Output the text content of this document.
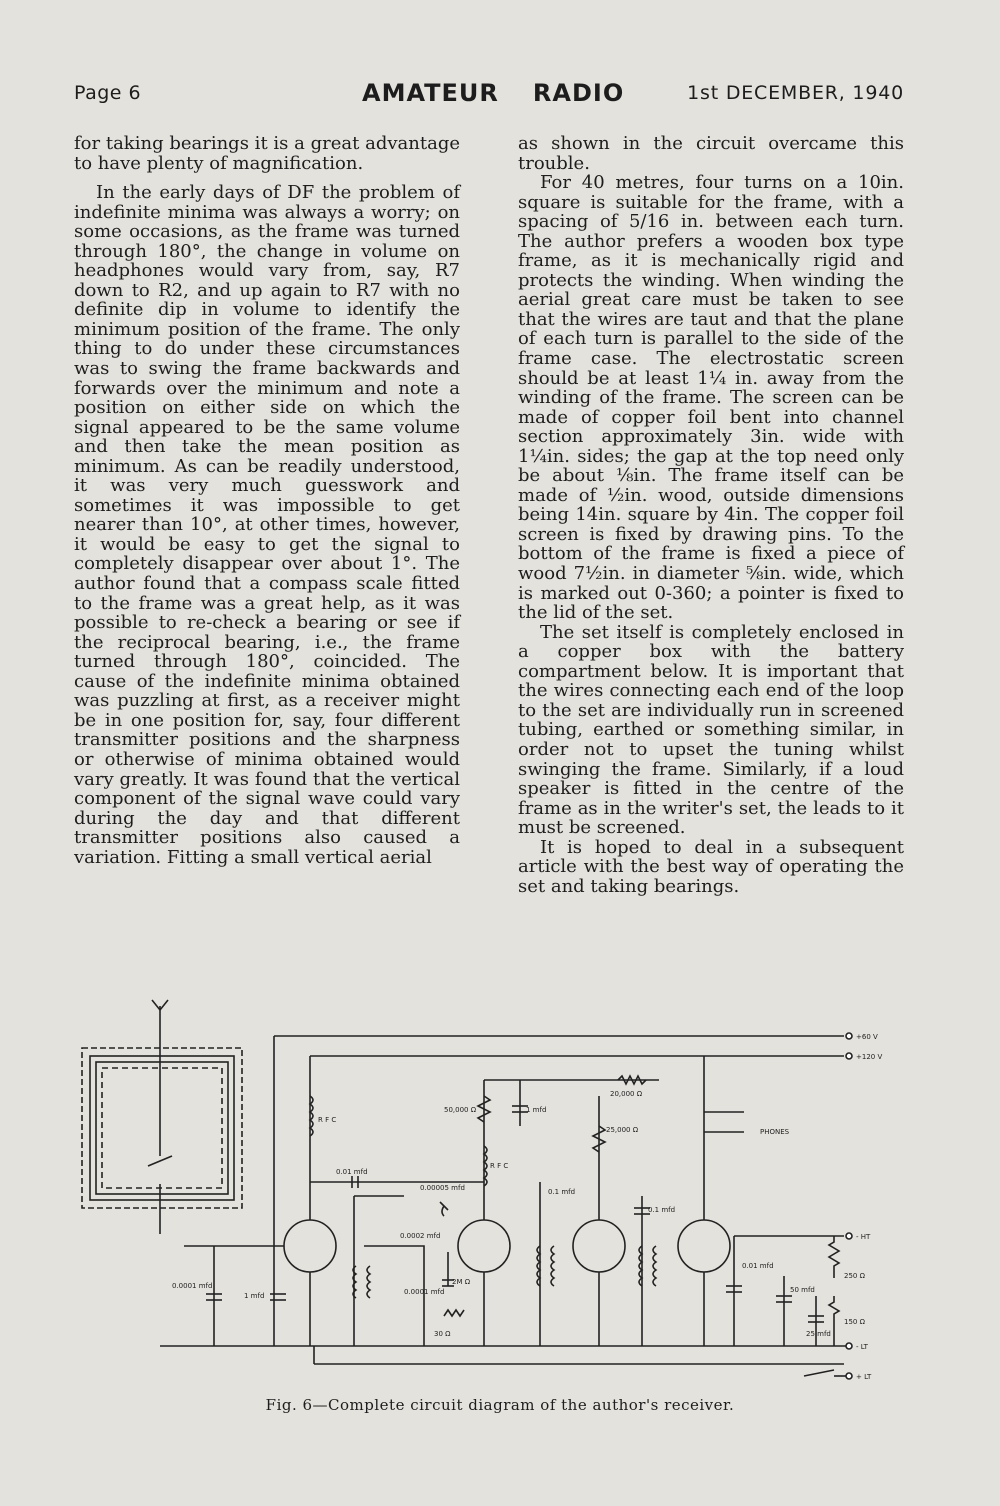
Page 6	AMATEUR RADIO	1st DECEMBER, 1940

for taking bearings it is a great advantage to have plenty of magnification.

In the early days of DF the problem of indefinite minima was always a worry; on some occasions, as the frame was turned through 180°, the change in volume on headphones would vary from, say, R7 down to R2, and up again to R7 with no definite dip in volume to identify the minimum position of the frame. The only thing to do under these circumstances was to swing the frame backwards and forwards over the minimum and note a position on either side on which the signal appeared to be the same volume and then take the mean position as minimum. As can be readily understood, it was very much guesswork and sometimes it was impossible to get nearer than 10°, at other times, however, it would be easy to get the signal to completely disappear over about 1°. The author found that a compass scale fitted to the frame was a great help, as it was possible to re-check a bearing or see if the reciprocal bearing, i.e., the frame turned through 180°, coincided. The cause of the indefinite minima obtained was puzzling at first, as a receiver might be in one position for, say, four different transmitter positions and the sharpness or otherwise of minima obtained would vary greatly. It was found that the vertical component of the signal wave could vary during the day and that different transmitter positions also caused a variation. Fitting a small vertical aerial

as shown in the circuit overcame this trouble.

For 40 metres, four turns on a 10in. square is suitable for the frame, with a spacing of 5/16 in. between each turn. The author prefers a wooden box type frame, as it is mechanically rigid and protects the winding. When winding the aerial great care must be taken to see that the wires are taut and that the plane of each turn is parallel to the side of the frame case. The electrostatic screen should be at least 1¼ in. away from the winding of the frame. The screen can be made of copper foil bent into channel section approximately 3in. wide with 1¼in. sides; the gap at the top need only be about ⅛in. The frame itself can be made of ½in. wood, outside dimensions being 14in. square by 4in. The copper foil screen is fixed by drawing pins. To the bottom of the frame is fixed a piece of wood 7½in. in diameter ⅝in. wide, which is marked out 0-360; a pointer is fixed to the lid of the set.

The set itself is completely enclosed in a copper box with the battery compartment below. It is important that the wires connecting each end of the loop to the set are individually run in screened tubing, earthed or something similar, in order not to upset the tuning whilst swinging the frame. Similarly, if a loud speaker is fitted in the centre of the frame as in the writer's set, the leads to it must be screened.

It is hoped to deal in a subsequent article with the best way of operating the set and taking bearings.

+60 V
+120 V
20,000 Ω
50,000 Ω	1 mfd
25,000 Ω	PHONES
R F C
R F C
0.01 mfd
0.00005 mfd	0.1 mfd
0.1 mfd
0.0002 mfd
0.0001 mfd
1 mfd	0.0001 mfd
2M Ω
30 Ω
0.01 mfd
50 mfd
25 mfd
250 Ω
150 Ω
- HT
- LT
+ LT
Fig. 6—Complete circuit diagram of the author's receiver.
